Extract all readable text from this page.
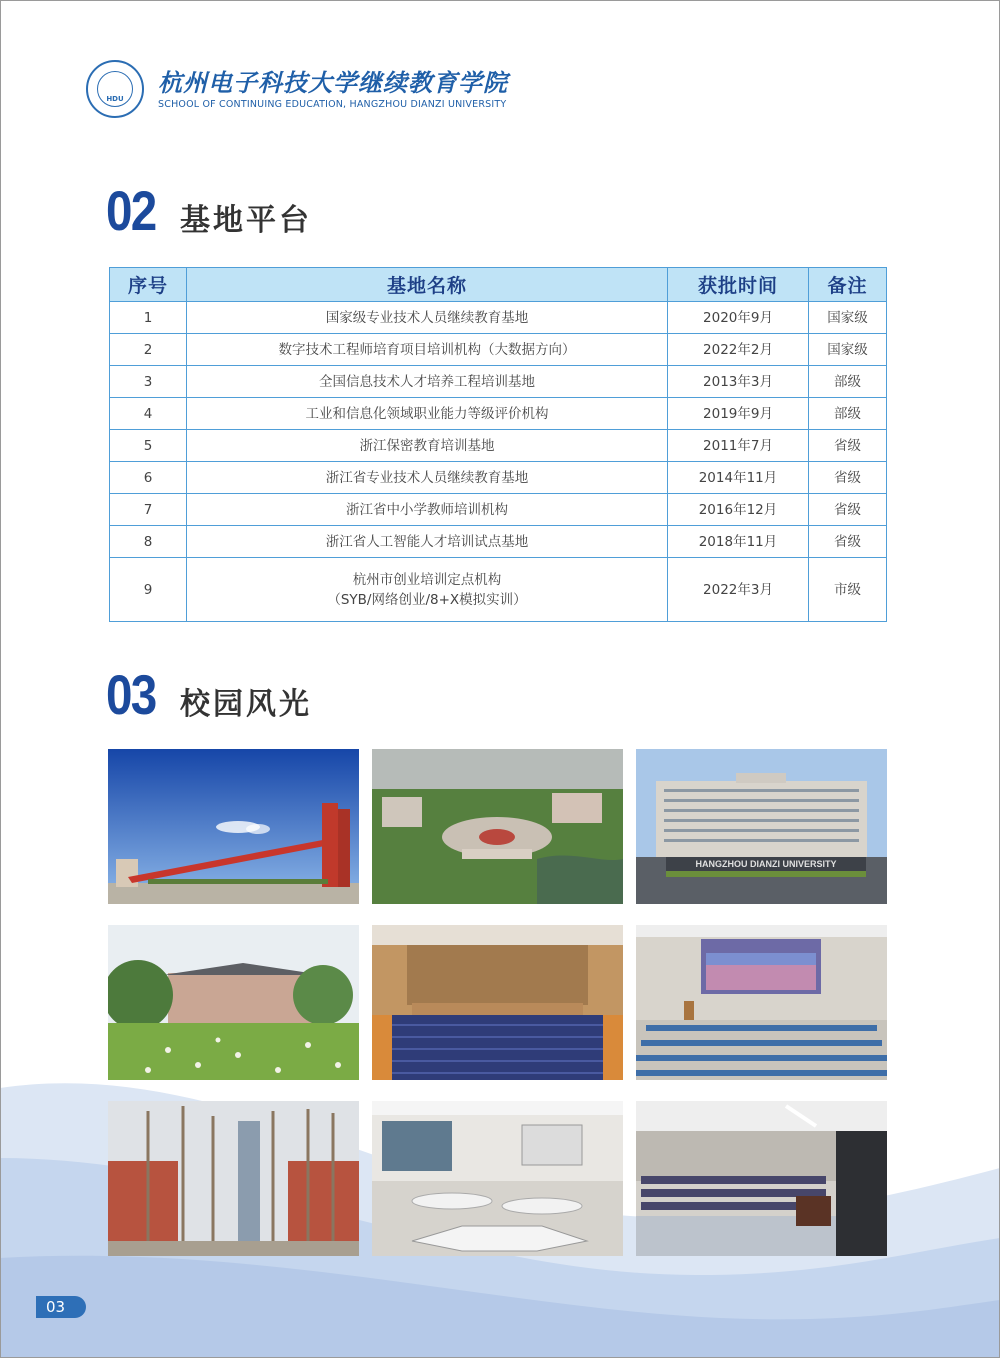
HDU
杭州电子科技大学继续教育学院
SCHOOL OF CONTINUING EDUCATION, HANGZHOU DIANZI UNIVERSITY
02 基地平台
序号	基地名称	获批时间	备注
1	国家级专业技术人员继续教育基地	2020年9月	国家级
2	数字技术工程师培育项目培训机构（大数据方向）	2022年2月	国家级
3	全国信息技术人才培养工程培训基地	2013年3月	部级
4	工业和信息化领域职业能力等级评价机构	2019年9月	部级
5	浙江保密教育培训基地	2011年7月	省级
6	浙江省专业技术人员继续教育基地	2014年11月	省级
7	浙江省中小学教师培训机构	2016年12月	省级
8	浙江省人工智能人才培训试点基地	2018年11月	省级
9	杭州市创业培训定点机构
（SYB/网络创业/8+X模拟实训）	2022年3月	市级
03 校园风光
HANGZHOU DIANZI UNIVERSITY
03
